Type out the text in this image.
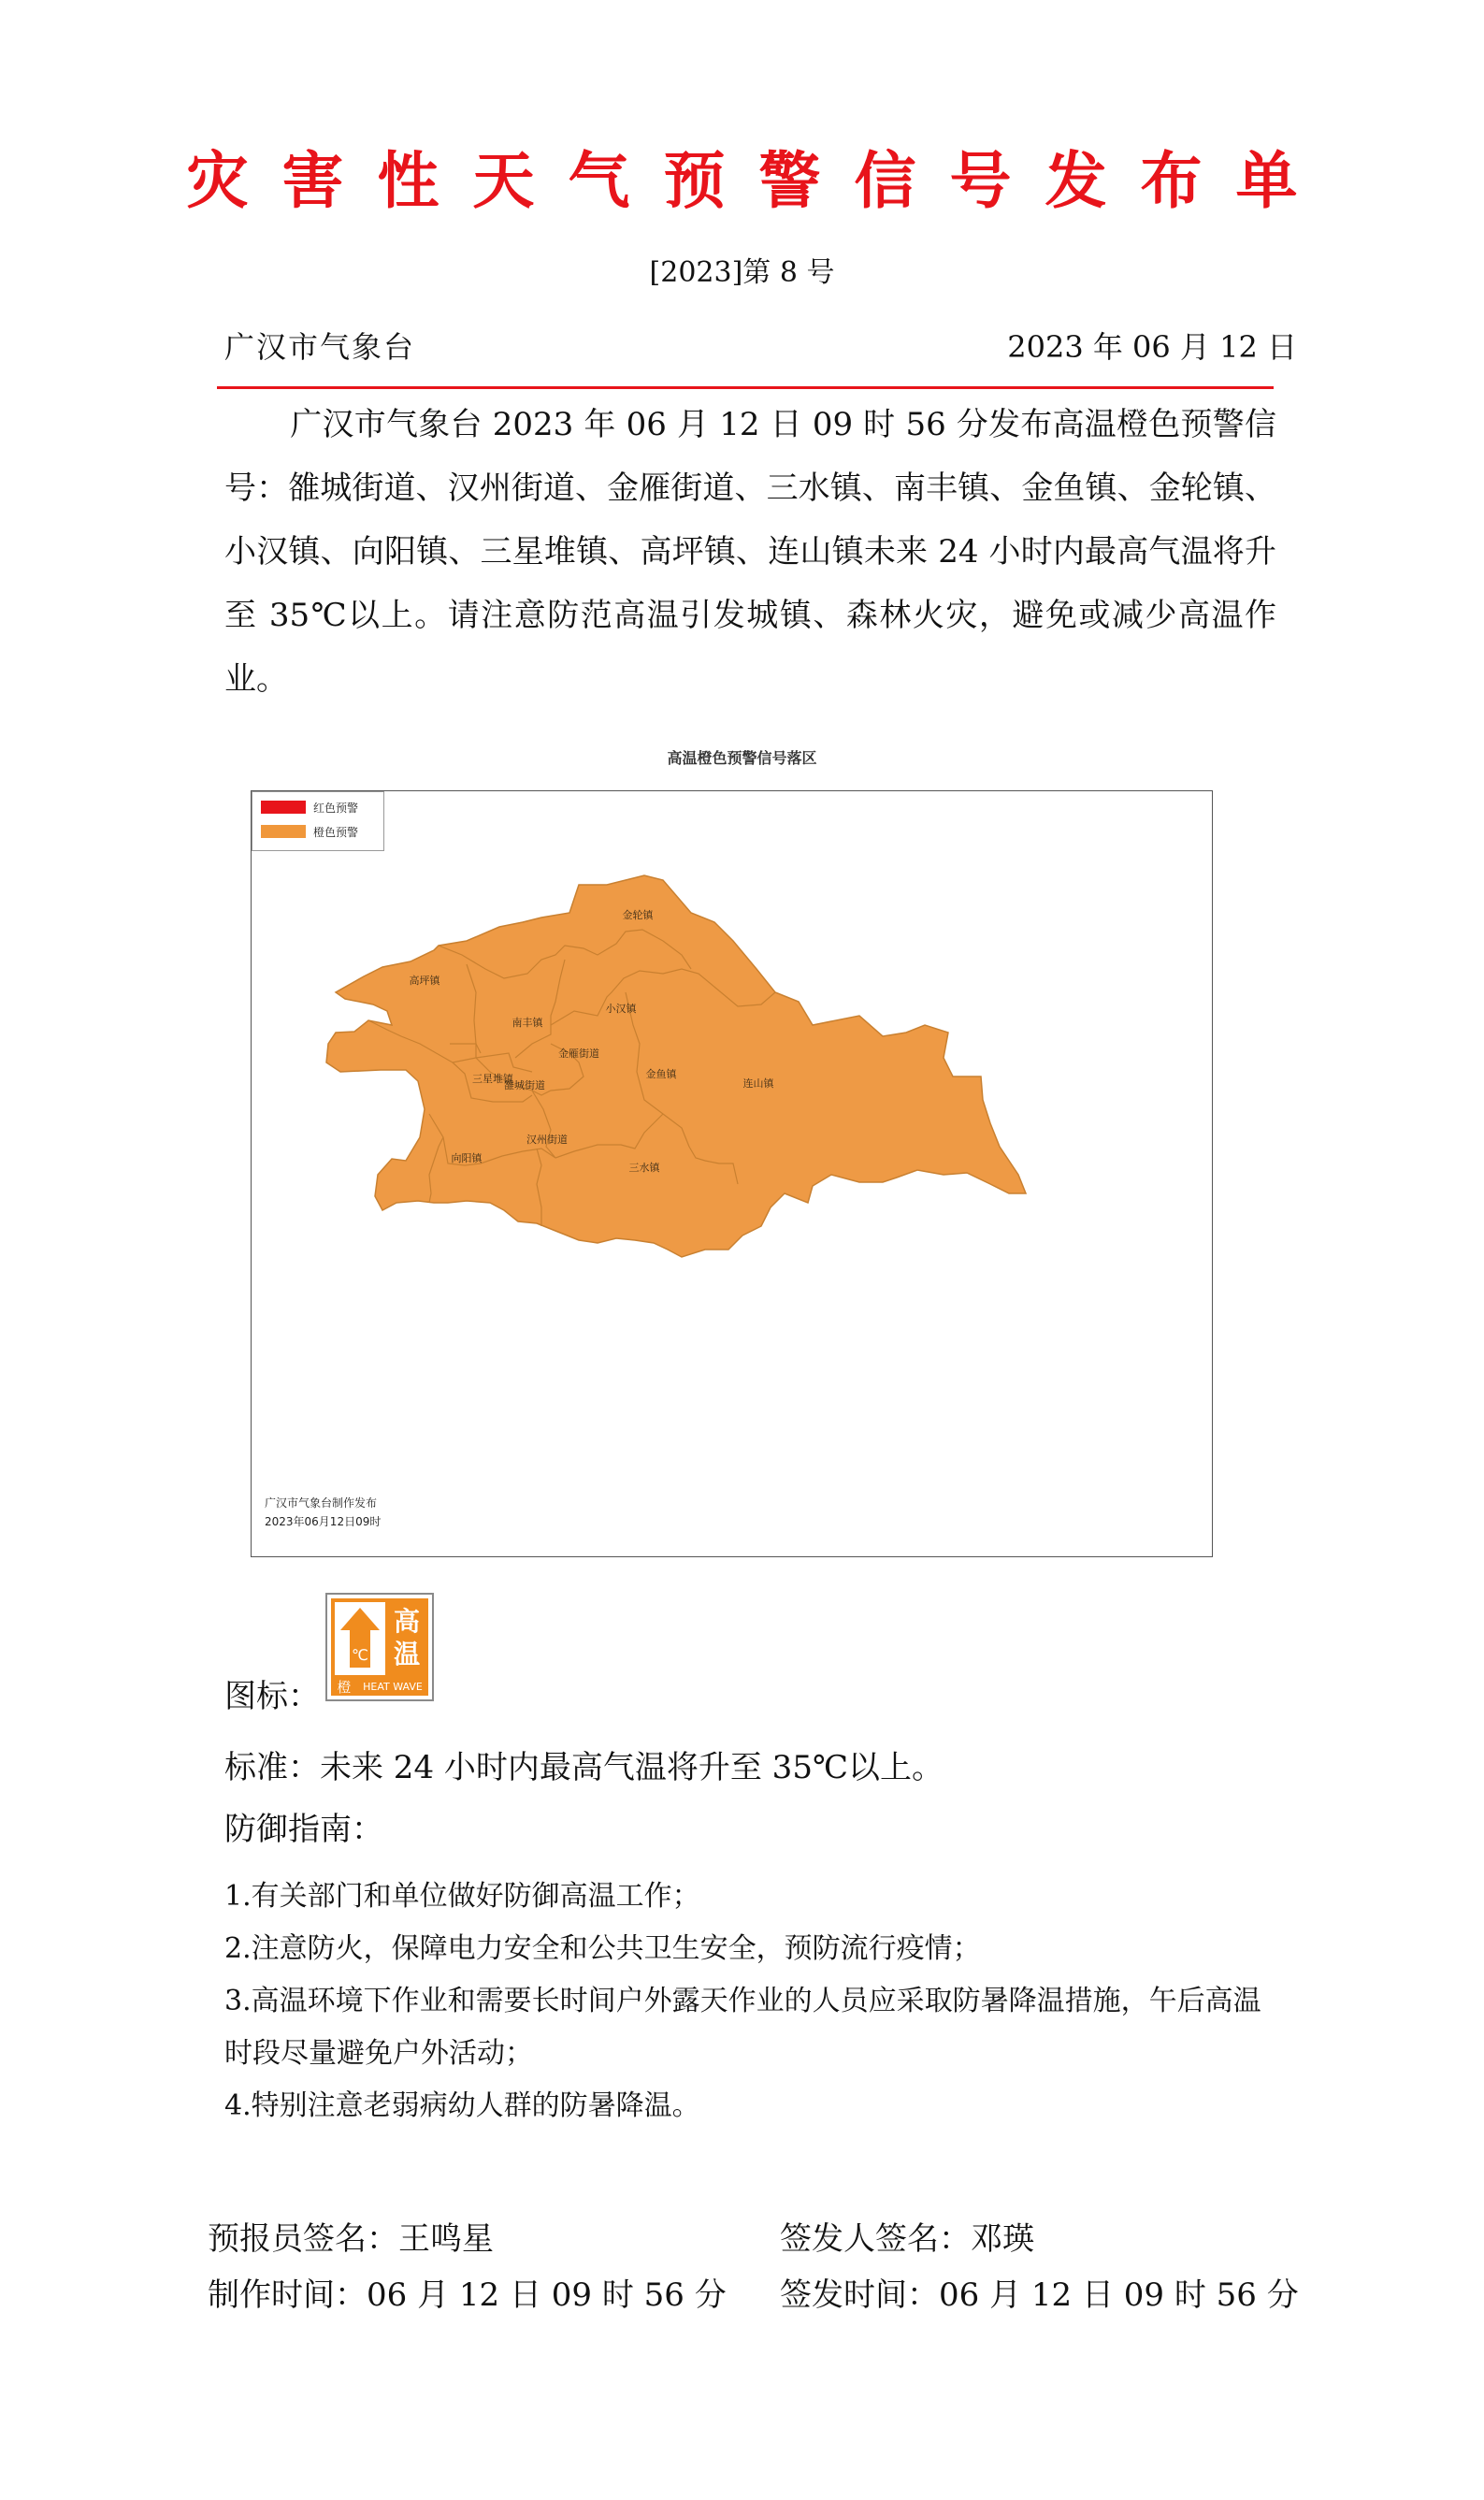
灾害性天气预警信号发布单
[2023]第 8 号
广汉市气象台	2023 年 06 月 12 日
广汉市气象台 2023 年 06 月 12 日 09 时 56 分发布高温橙色预警信号：雒城街道、汉州街道、金雁街道、三水镇、南丰镇、金鱼镇、金轮镇、小汉镇、向阳镇、三星堆镇、高坪镇、连山镇未来 24 小时内最高气温将升至 35℃以上。请注意防范高温引发城镇、森林火灾，避免或减少高温作业。
高温橙色预警信号落区
金轮镇
高坪镇
小汉镇
南丰镇
金雁街道
雒城街道
三星堆镇	金鱼镇
连山镇
汉州街道
向阳镇
三水镇
红色预警
橙色预警
广汉市气象台制作发布
2023年06月12日09时
图标：
℃
高
温
橙 HEAT WAVE
标准：未来 24 小时内最高气温将升至 35℃以上。
防御指南：
1.有关部门和单位做好防御高温工作；
2.注意防火，保障电力安全和公共卫生安全，预防流行疫情；
3.高温环境下作业和需要长时间户外露天作业的人员应采取防暑降温措施，午后高温时段尽量避免户外活动；
4.特别注意老弱病幼人群的防暑降温。
预报员签名：王鸣星	签发人签名：邓瑛
制作时间：06 月 12 日 09 时 56 分 签发时间：06 月 12 日 09 时 56 分
